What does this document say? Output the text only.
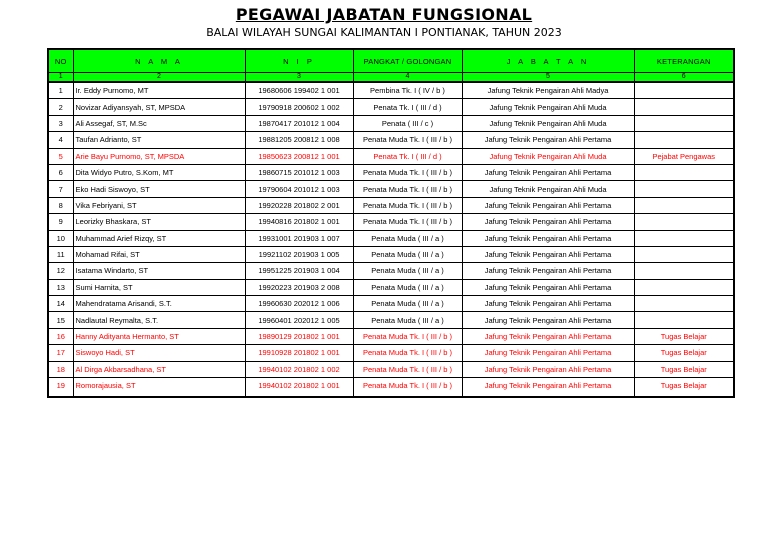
PEGAWAI JABATAN FUNGSIONAL
BALAI WILAYAH SUNGAI KALIMANTAN I PONTIANAK, TAHUN 2023
NO	N A M A	N I P	PANGKAT / GOLONGAN	J A B A T A N	KETERANGAN
1	2	3	4	5	6
1	Ir. Eddy Purnomo, MT	19680606 199402 1 001	Pembina Tk. I ( IV / b )	Jafung Teknik Pengairan Ahli Madya	
2	Novizar Adiyansyah, ST, MPSDA	19790918 200602 1 002	Penata Tk. I ( III / d )	Jafung Teknik Pengairan Ahli Muda	
3	Ali Assegaf, ST, M.Sc	19870417 201012 1 004	Penata ( III / c )	Jafung Teknik Pengairan Ahli Muda	
4	Taufan Adrianto, ST	19881205 200812 1 008	Penata Muda Tk. I ( III / b )	Jafung Teknik Pengairan Ahli Pertama	
5	Arie Bayu Purnomo, ST, MPSDA	19850623 200812 1 001	Penata Tk. I ( III / d )	Jafung Teknik Pengairan Ahli Muda	Pejabat Pengawas
6	Dita Widyo Putro, S.Kom, MT	19860715 201012 1 003	Penata Muda Tk. I ( III / b )	Jafung Teknik Pengairan Ahli Pertama	
7	Eko Hadi Siswoyo, ST	19790604 201012 1 003	Penata Muda Tk. I ( III / b )	Jafung Teknik Pengairan Ahli Muda	
8	Vika Febriyani, ST	19920228 201802 2 001	Penata Muda Tk. I ( III / b )	Jafung Teknik Pengairan Ahli Pertama	
9	Leorizky Bhaskara, ST	19940816 201802 1 001	Penata Muda Tk. I ( III / b )	Jafung Teknik Pengairan Ahli Pertama	
10	Muhammad Arief Rizqy, ST	19931001 201903 1 007	Penata Muda ( III / a )	Jafung Teknik Pengairan Ahli Pertama	
11	Mohamad Rifai, ST	19921102 201903 1 005	Penata Muda ( III / a )	Jafung Teknik Pengairan Ahli Pertama	
12	Isatama Windarto, ST	19951225 201903 1 004	Penata Muda ( III / a )	Jafung Teknik Pengairan Ahli Pertama	
13	Sumi Harnita, ST	19920223 201903 2 008	Penata Muda ( III / a )	Jafung Teknik Pengairan Ahli Pertama	
14	Mahendratama Arisandi, S.T.	19960630 202012 1 006	Penata Muda ( III / a )	Jafung Teknik Pengairan Ahli Pertama	
15	Nadlautal Reymalta, S.T.	19960401 202012 1 005	Penata Muda ( III / a )	Jafung Teknik Pengairan Ahli Pertama	
16	Hanny Adityanta Hermanto, ST	19890129 201802 1 001	Penata Muda Tk. I ( III / b )	Jafung Teknik Pengairan Ahli Pertama	Tugas Belajar
17	Siswoyo Hadi, ST	19910928 201802 1 001	Penata Muda Tk. I ( III / b )	Jafung Teknik Pengairan Ahli Pertama	Tugas Belajar
18	Al Dirga Akbarsadhana, ST	19940102 201802 1 002	Penata Muda Tk. I ( III / b )	Jafung Teknik Pengairan Ahli Pertama	Tugas Belajar
19	Romorajausia, ST	19940102 201802 1 001	Penata Muda Tk. I ( III / b )	Jafung Teknik Pengairan Ahli Pertama	Tugas Belajar
